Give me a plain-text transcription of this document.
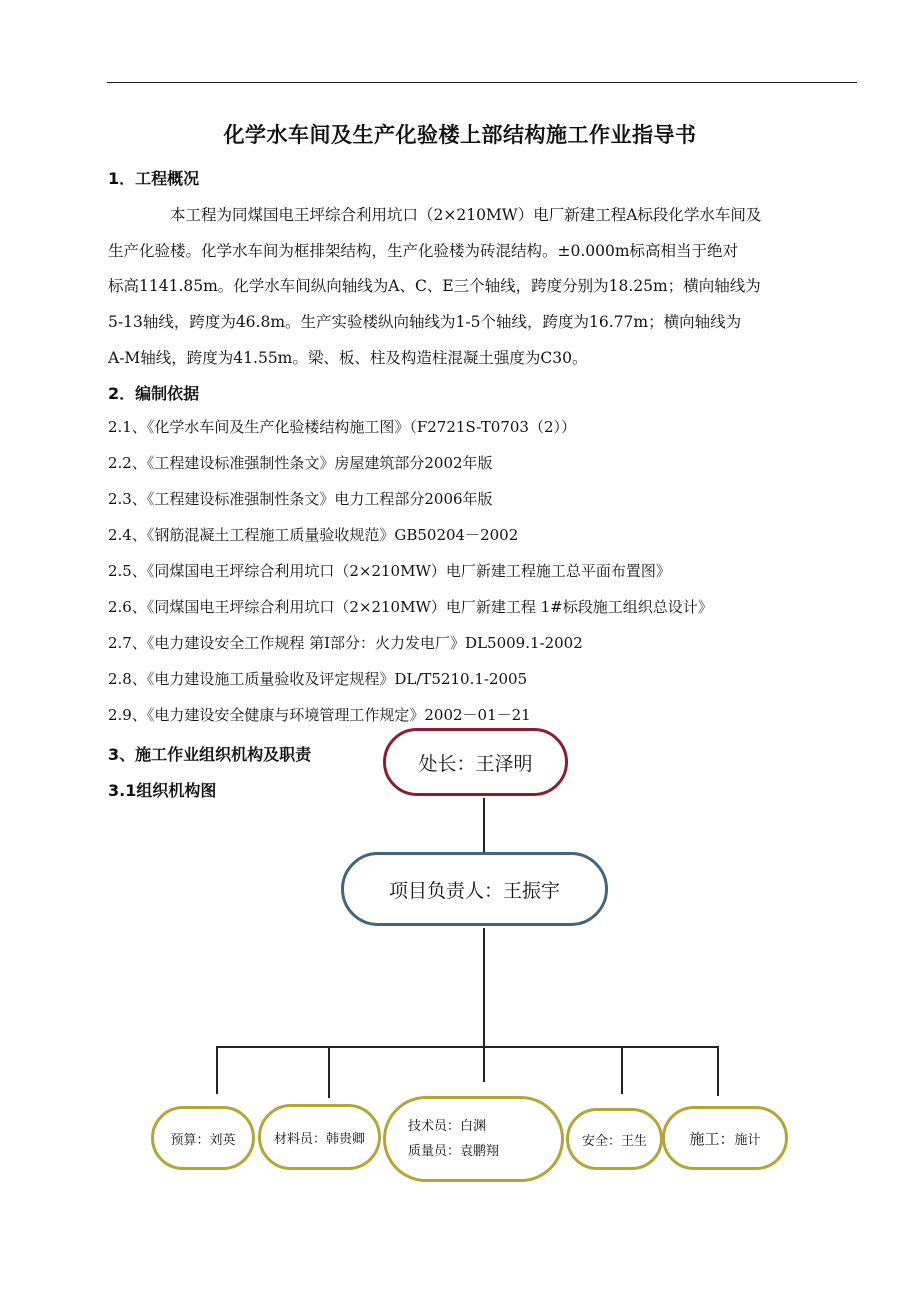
化学水车间及生产化验楼上部结构施工作业指导书
1．工程概况
本工程为同煤国电王坪综合利用坑口（2×210MW）电厂新建工程A标段化学水车间及
生产化验楼。化学水车间为框排架结构，生产化验楼为砖混结构。±0.000m标高相当于绝对
标高1141.85m。化学水车间纵向轴线为A、C、E三个轴线，跨度分别为18.25m；横向轴线为
5-13轴线，跨度为46.8m。生产实验楼纵向轴线为1-5个轴线，跨度为16.77m；横向轴线为
A-M轴线，跨度为41.55m。梁、板、柱及构造柱混凝土强度为C30。
2．编制依据
2.1、《化学水车间及生产化验楼结构施工图》（F2721S-T0703（2））
2.2、《工程建设标准强制性条文》房屋建筑部分2002年版
2.3、《工程建设标准强制性条文》电力工程部分2006年版
2.4、《钢筋混凝土工程施工质量验收规范》GB50204－2002
2.5、《同煤国电王坪综合利用坑口（2×210MW）电厂新建工程施工总平面布置图》
2.6、《同煤国电王坪综合利用坑口（2×210MW）电厂新建工程 1#标段施工组织总设计》
2.7、《电力建设安全工作规程 第Ⅰ部分：火力发电厂》DL5009.1-2002
2.8、《电力建设施工质量验收及评定规程》DL/T5210.1-2005
2.9、《电力建设安全健康与环境管理工作规定》2002－01－21
3、施工作业组织机构及职责
3.1组织机构图
处长：王泽明
项目负责人：王振宇
预算：刘英	材料员：韩贵卿
技术员：白渊
质量员：袁鹏翔
安全：王生	施工： 施计
